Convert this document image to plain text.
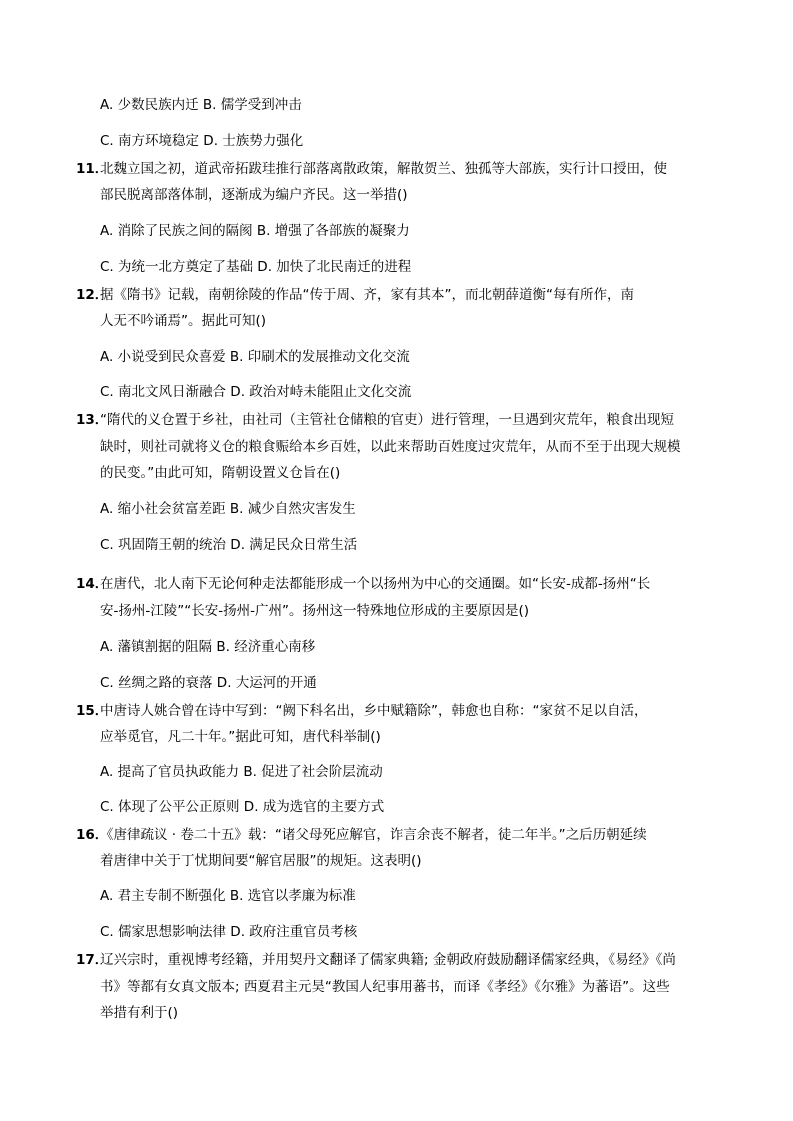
A. 少数民族内迁 B. 儒学受到冲击
C. 南方环境稳定 D. 士族势力强化
11．
北魏立国之初，道武帝拓跋珪推行部落离散政策，解散贺兰、独孤等大部族，实行计口授田，使
部民脱离部落体制，逐渐成为编户齐民。这一举措()
A. 消除了民族之间的隔阂 B. 增强了各部族的凝聚力
C. 为统一北方奠定了基础 D. 加快了北民南迁的进程
12．
据《隋书》记载，南朝徐陵的作品“传于周、齐，家有其本”，而北朝薛道衡“每有所作，南
人无不吟诵焉”。据此可知()
A. 小说受到民众喜爱 B. 印刷术的发展推动文化交流
C. 南北文风日渐融合 D. 政治对峙未能阻止文化交流
13．
“隋代的义仓置于乡社，由社司（主管社仓储粮的官吏）进行管理，一旦遇到灾荒年，粮食出现短
缺时，则社司就将义仓的粮食赈给本乡百姓，以此来帮助百姓度过灾荒年，从而不至于出现大规模
的民变。”由此可知，隋朝设置义仓旨在()
A. 缩小社会贫富差距 B. 减少自然灾害发生
C. 巩固隋王朝的统治 D. 满足民众日常生活
14．
在唐代，北人南下无论何种走法都能形成一个以扬州为中心的交通圈。如“长安-成都-扬州“长
安-扬州-江陵”“长安-扬州-广州”。扬州这一特殊地位形成的主要原因是()
A. 藩镇割据的阻隔 B. 经济重心南移
C. 丝绸之路的衰落 D. 大运河的开通
15．
中唐诗人姚合曾在诗中写到：“阙下科名出，乡中赋籍除”，韩愈也自称：“家贫不足以自活，
应举觅官，凡二十年。”据此可知，唐代科举制()
A. 提高了官员执政能力 B. 促进了社会阶层流动
C. 体现了公平公正原则 D. 成为选官的主要方式
16．
《唐律疏议 · 卷二十五》载：“诸父母死应解官，诈言余丧不解者，徒二年半。”之后历朝延续
着唐律中关于丁忧期间要“解官居服”的规矩。这表明()
A. 君主专制不断强化 B. 选官以孝廉为标准
C. 儒家思想影响法律 D. 政府注重官员考核
17．
辽兴宗时，重视博考经籍，并用契丹文翻译了儒家典籍; 金朝政府鼓励翻译儒家经典，《易经》《尚
书》等都有女真文版本; 西夏君主元昊“教国人纪事用蕃书，而译《孝经》《尔雅》为蕃语”。这些
举措有利于()
